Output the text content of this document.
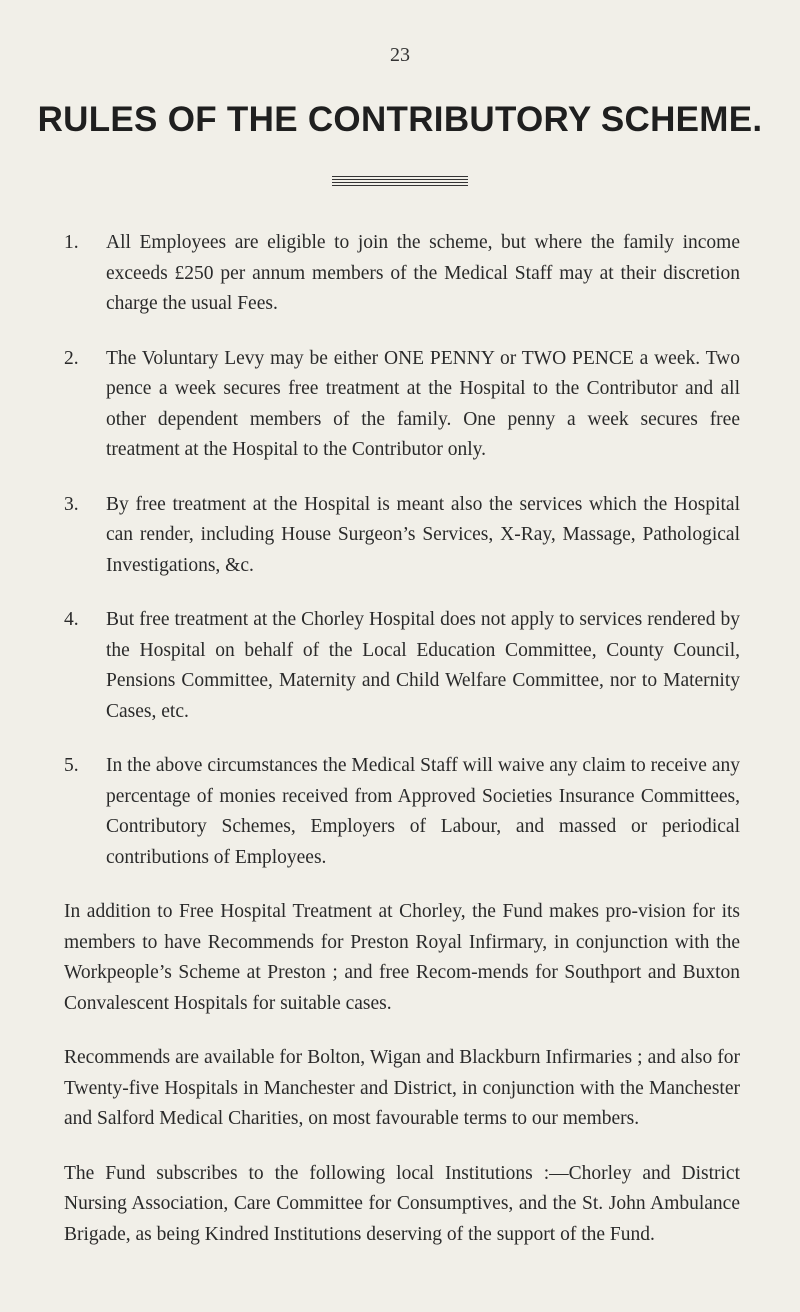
23
RULES OF THE CONTRIBUTORY SCHEME.
1.	All Employees are eligible to join the scheme, but where the family income exceeds £250 per annum members of the Medical Staff may at their discretion charge the usual Fees.
2.	The Voluntary Levy may be either ONE PENNY or TWO PENCE a week. Two pence a week secures free treatment at the Hospital to the Contributor and all other dependent members of the family. One penny a week secures free treatment at the Hospital to the Contributor only.
3.	By free treatment at the Hospital is meant also the services which the Hospital can render, including House Surgeon’s Services, X-Ray, Massage, Pathological Investigations, &c.
4.	But free treatment at the Chorley Hospital does not apply to services rendered by the Hospital on behalf of the Local Education Committee, County Council, Pensions Committee, Maternity and Child Welfare Committee, nor to Maternity Cases, etc.
5.	In the above circumstances the Medical Staff will waive any claim to receive any percentage of monies received from Approved Societies Insurance Committees, Contributory Schemes, Employers of Labour, and massed or periodical contributions of Employees.

In addition to Free Hospital Treatment at Chorley, the Fund makes pro-vision for its members to have Recommends for Preston Royal Infirmary, in conjunction with the Workpeople’s Scheme at Preston ; and free Recom-mends for Southport and Buxton Convalescent Hospitals for suitable cases.

Recommends are available for Bolton, Wigan and Blackburn Infirmaries ; and also for Twenty-five Hospitals in Manchester and District, in conjunction with the Manchester and Salford Medical Charities, on most favourable terms to our members.

The Fund subscribes to the following local Institutions :—Chorley and District Nursing Association, Care Committee for Consumptives, and the St. John Ambulance Brigade, as being Kindred Institutions deserving of the support of the Fund.
